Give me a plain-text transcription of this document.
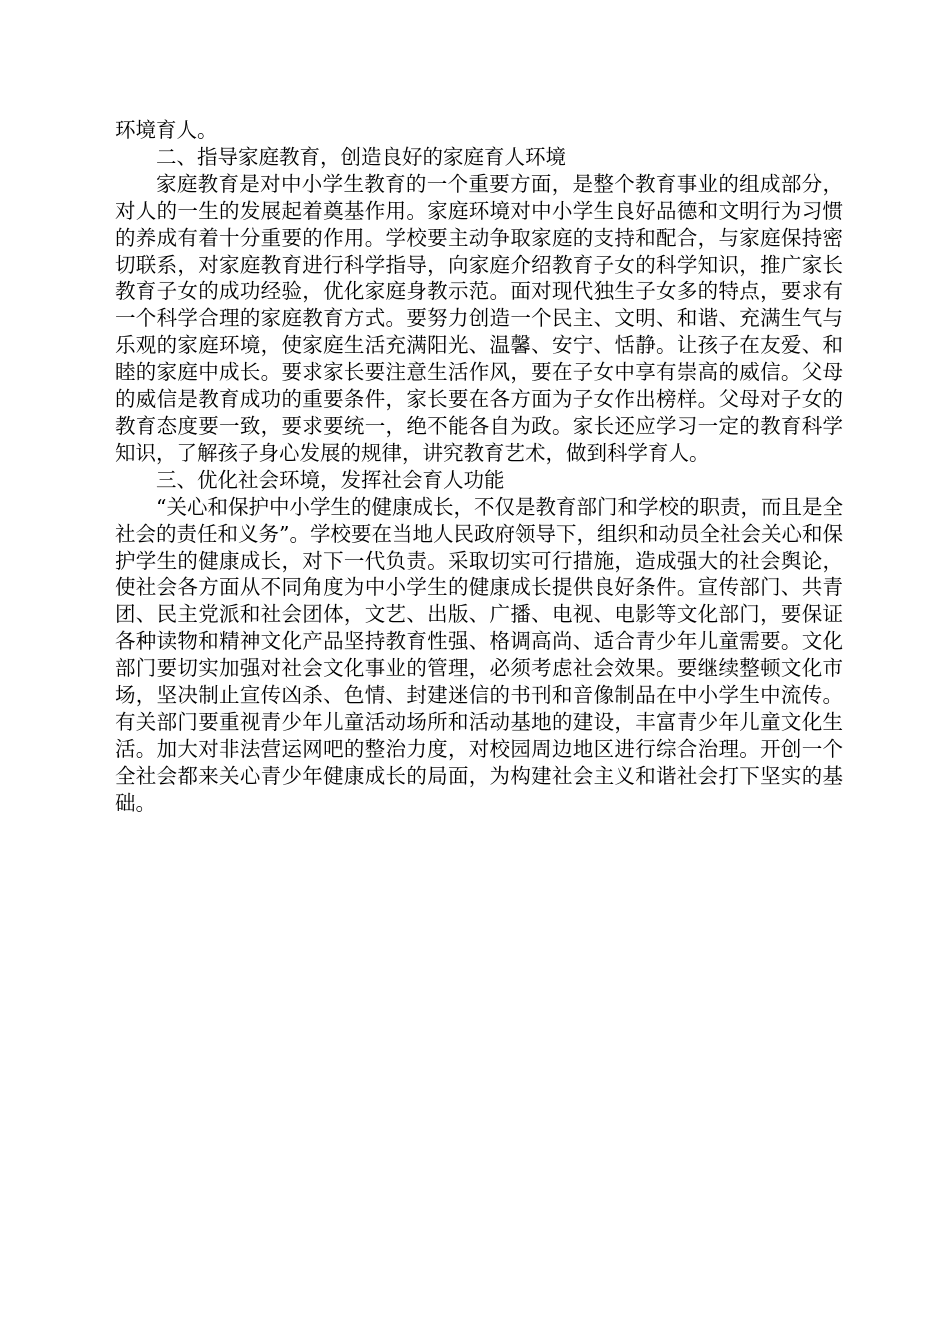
环境育人。

二、指导家庭教育，创造良好的家庭育人环境

家庭教育是对中小学生教育的一个重要方面，是整个教育事业的组成部分，对人的一生的发展起着奠基作用。家庭环境对中小学生良好品德和文明行为习惯的养成有着十分重要的作用。学校要主动争取家庭的支持和配合，与家庭保持密切联系，对家庭教育进行科学指导，向家庭介绍教育子女的科学知识，推广家长教育子女的成功经验，优化家庭身教示范。面对现代独生子女多的特点，要求有一个科学合理的家庭教育方式。要努力创造一个民主、文明、和谐、充满生气与乐观的家庭环境，使家庭生活充满阳光、温馨、安宁、恬静。让孩子在友爱、和睦的家庭中成长。要求家长要注意生活作风，要在子女中享有崇高的威信。父母的威信是教育成功的重要条件，家长要在各方面为子女作出榜样。父母对子女的教育态度要一致，要求要统一，绝不能各自为政。家长还应学习一定的教育科学知识，了解孩子身心发展的规律，讲究教育艺术，做到科学育人。

三、优化社会环境，发挥社会育人功能

“关心和保护中小学生的健康成长，不仅是教育部门和学校的职责，而且是全社会的责任和义务”。学校要在当地人民政府领导下，组织和动员全社会关心和保护学生的健康成长，对下一代负责。采取切实可行措施，造成强大的社会舆论，使社会各方面从不同角度为中小学生的健康成长提供良好条件。宣传部门、共青团、民主党派和社会团体，文艺、出版、广播、电视、电影等文化部门，要保证各种读物和精神文化产品坚持教育性强、格调高尚、适合青少年儿童需要。文化部门要切实加强对社会文化事业的管理，必须考虑社会效果。要继续整顿文化市场，坚决制止宣传凶杀、色情、封建迷信的书刊和音像制品在中小学生中流传。有关部门要重视青少年儿童活动场所和活动基地的建设，丰富青少年儿童文化生活。加大对非法营运网吧的整治力度，对校园周边地区进行综合治理。开创一个全社会都来关心青少年健康成长的局面，为构建社会主义和谐社会打下坚实的基础。
